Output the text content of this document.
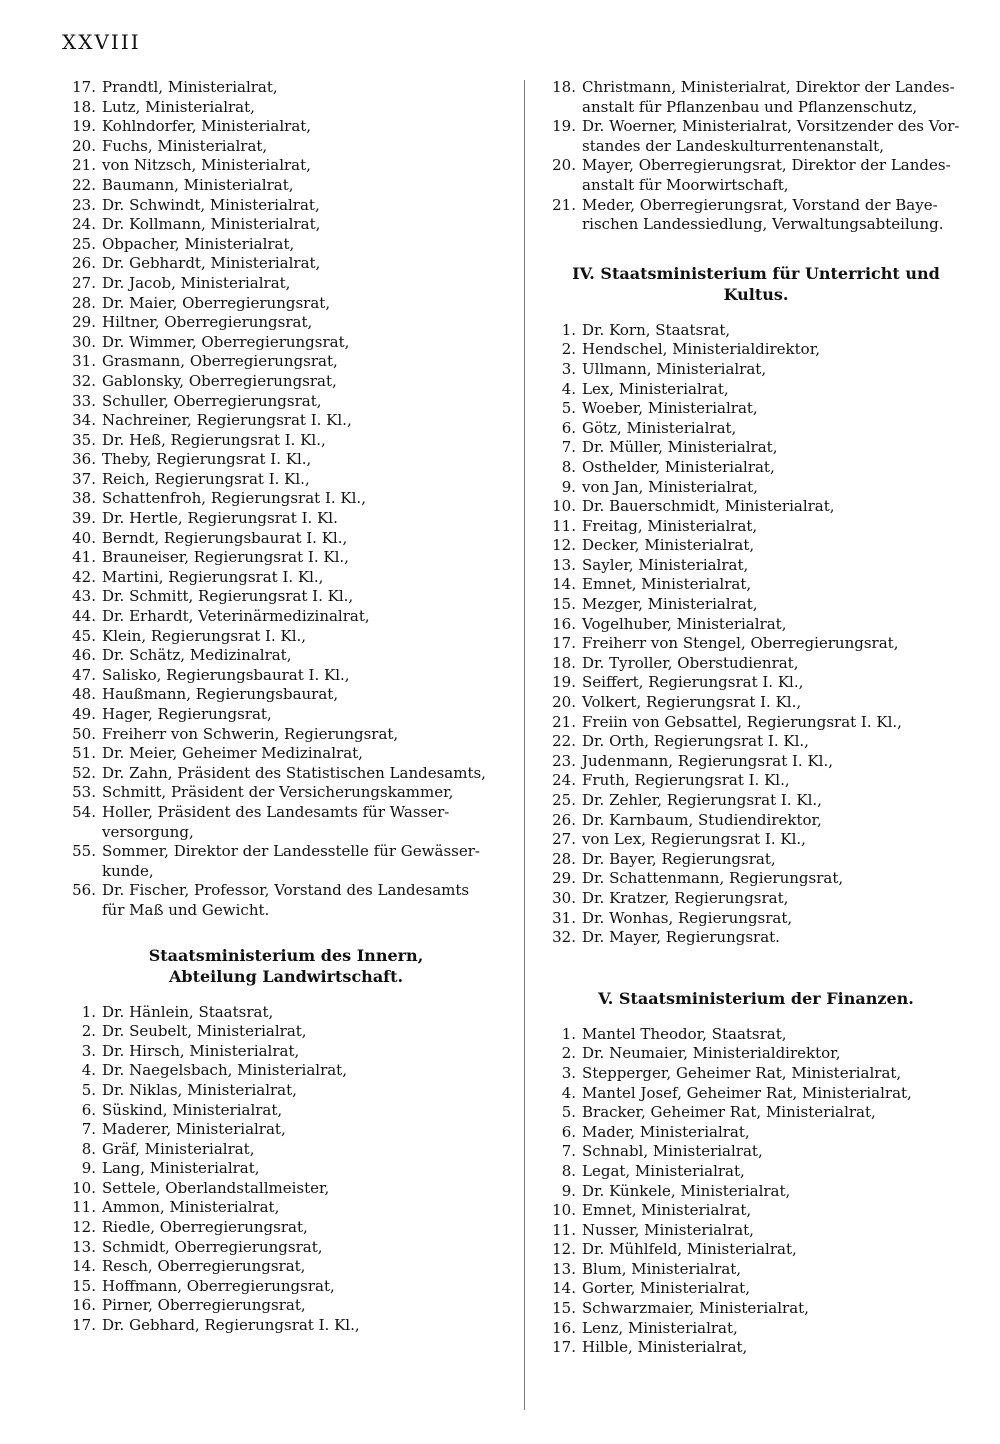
XXVIII
17. Prandtl, Ministerialrat,
18. Lutz, Ministerialrat,
19. Kohlndorfer, Ministerialrat,
20. Fuchs, Ministerialrat,
21. von Nitzsch, Ministerialrat,
22. Baumann, Ministerialrat,
23. Dr. Schwindt, Ministerialrat,
24. Dr. Kollmann, Ministerialrat,
25. Obpacher, Ministerialrat,
26. Dr. Gebhardt, Ministerialrat,
27. Dr. Jacob, Ministerialrat,
28. Dr. Maier, Oberregierungsrat,
29. Hiltner, Oberregierungsrat,
30. Dr. Wimmer, Oberregierungsrat,
31. Grasmann, Oberregierungsrat,
32. Gablonsky, Oberregierungsrat,
33. Schuller, Oberregierungsrat,
34. Nachreiner, Regierungsrat I. Kl.,
35. Dr. Heß, Regierungsrat I. Kl.,
36. Theby, Regierungsrat I. Kl.,
37. Reich, Regierungsrat I. Kl.,
38. Schattenfroh, Regierungsrat I. Kl.,
39. Dr. Hertle, Regierungsrat I. Kl.
40. Berndt, Regierungsbaurat I. Kl.,
41. Brauneiser, Regierungsrat I. Kl.,
42. Martini, Regierungsrat I. Kl.,
43. Dr. Schmitt, Regierungsrat I. Kl.,
44. Dr. Erhardt, Veterinärmedizinalrat,
45. Klein, Regierungsrat I. Kl.,
46. Dr. Schätz, Medizinalrat,
47. Salisko, Regierungsbaurat I. Kl.,
48. Haußmann, Regierungsbaurat,
49. Hager, Regierungsrat,
50. Freiherr von Schwerin, Regierungsrat,
51. Dr. Meier, Geheimer Medizinalrat,
52. Dr. Zahn, Präsident des Statistischen Landesamts,
53. Schmitt, Präsident der Versicherungskammer,
54. Holler, Präsident des Landesamts für Wasser-
versorgung,
55. Sommer, Direktor der Landesstelle für Gewässer-
kunde,
56. Dr. Fischer, Professor, Vorstand des Landesamts
für Maß und Gewicht.
Staatsministerium des Innern,
Abteilung Landwirtschaft.
1. Dr. Hänlein, Staatsrat,
2. Dr. Seubelt, Ministerialrat,
3. Dr. Hirsch, Ministerialrat,
4. Dr. Naegelsbach, Ministerialrat,
5. Dr. Niklas, Ministerialrat,
6. Süskind, Ministerialrat,
7. Maderer, Ministerialrat,
8. Gräf, Ministerialrat,
9. Lang, Ministerialrat,
10. Settele, Oberlandstallmeister,
11. Ammon, Ministerialrat,
12. Riedle, Oberregierungsrat,
13. Schmidt, Oberregierungsrat,
14. Resch, Oberregierungsrat,
15. Hoffmann, Oberregierungsrat,
16. Pirner, Oberregierungsrat,
17. Dr. Gebhard, Regierungsrat I. Kl.,
18. Christmann, Ministerialrat, Direktor der Landes-
anstalt für Pflanzenbau und Pflanzenschutz,
19. Dr. Woerner, Ministerialrat, Vorsitzender des Vor-
standes der Landeskulturrentenanstalt,
20. Mayer, Oberregierungsrat, Direktor der Landes-
anstalt für Moorwirtschaft,
21. Meder, Oberregierungsrat, Vorstand der Baye-
rischen Landessiedlung, Verwaltungsabteilung.
IV. Staatsministerium für Unterricht und Kultus.
1. Dr. Korn, Staatsrat,
2. Hendschel, Ministerialdirektor,
3. Ullmann, Ministerialrat,
4. Lex, Ministerialrat,
5. Woeber, Ministerialrat,
6. Götz, Ministerialrat,
7. Dr. Müller, Ministerialrat,
8. Osthelder, Ministerialrat,
9. von Jan, Ministerialrat,
10. Dr. Bauerschmidt, Ministerialrat,
11. Freitag, Ministerialrat,
12. Decker, Ministerialrat,
13. Sayler, Ministerialrat,
14. Emnet, Ministerialrat,
15. Mezger, Ministerialrat,
16. Vogelhuber, Ministerialrat,
17. Freiherr von Stengel, Oberregierungsrat,
18. Dr. Tyroller, Oberstudienrat,
19. Seiffert, Regierungsrat I. Kl.,
20. Volkert, Regierungsrat I. Kl.,
21. Freiin von Gebsattel, Regierungsrat I. Kl.,
22. Dr. Orth, Regierungsrat I. Kl.,
23. Judenmann, Regierungsrat I. Kl.,
24. Fruth, Regierungsrat I. Kl.,
25. Dr. Zehler, Regierungsrat I. Kl.,
26. Dr. Karnbaum, Studiendirektor,
27. von Lex, Regierungsrat I. Kl.,
28. Dr. Bayer, Regierungsrat,
29. Dr. Schattenmann, Regierungsrat,
30. Dr. Kratzer, Regierungsrat,
31. Dr. Wonhas, Regierungsrat,
32. Dr. Mayer, Regierungsrat.
V. Staatsministerium der Finanzen.
1. Mantel Theodor, Staatsrat,
2. Dr. Neumaier, Ministerialdirektor,
3. Stepperger, Geheimer Rat, Ministerialrat,
4. Mantel Josef, Geheimer Rat, Ministerialrat,
5. Bracker, Geheimer Rat, Ministerialrat,
6. Mader, Ministerialrat,
7. Schnabl, Ministerialrat,
8. Legat, Ministerialrat,
9. Dr. Künkele, Ministerialrat,
10. Emnet, Ministerialrat,
11. Nusser, Ministerialrat,
12. Dr. Mühlfeld, Ministerialrat,
13. Blum, Ministerialrat,
14. Gorter, Ministerialrat,
15. Schwarzmaier, Ministerialrat,
16. Lenz, Ministerialrat,
17. Hilble, Ministerialrat,
